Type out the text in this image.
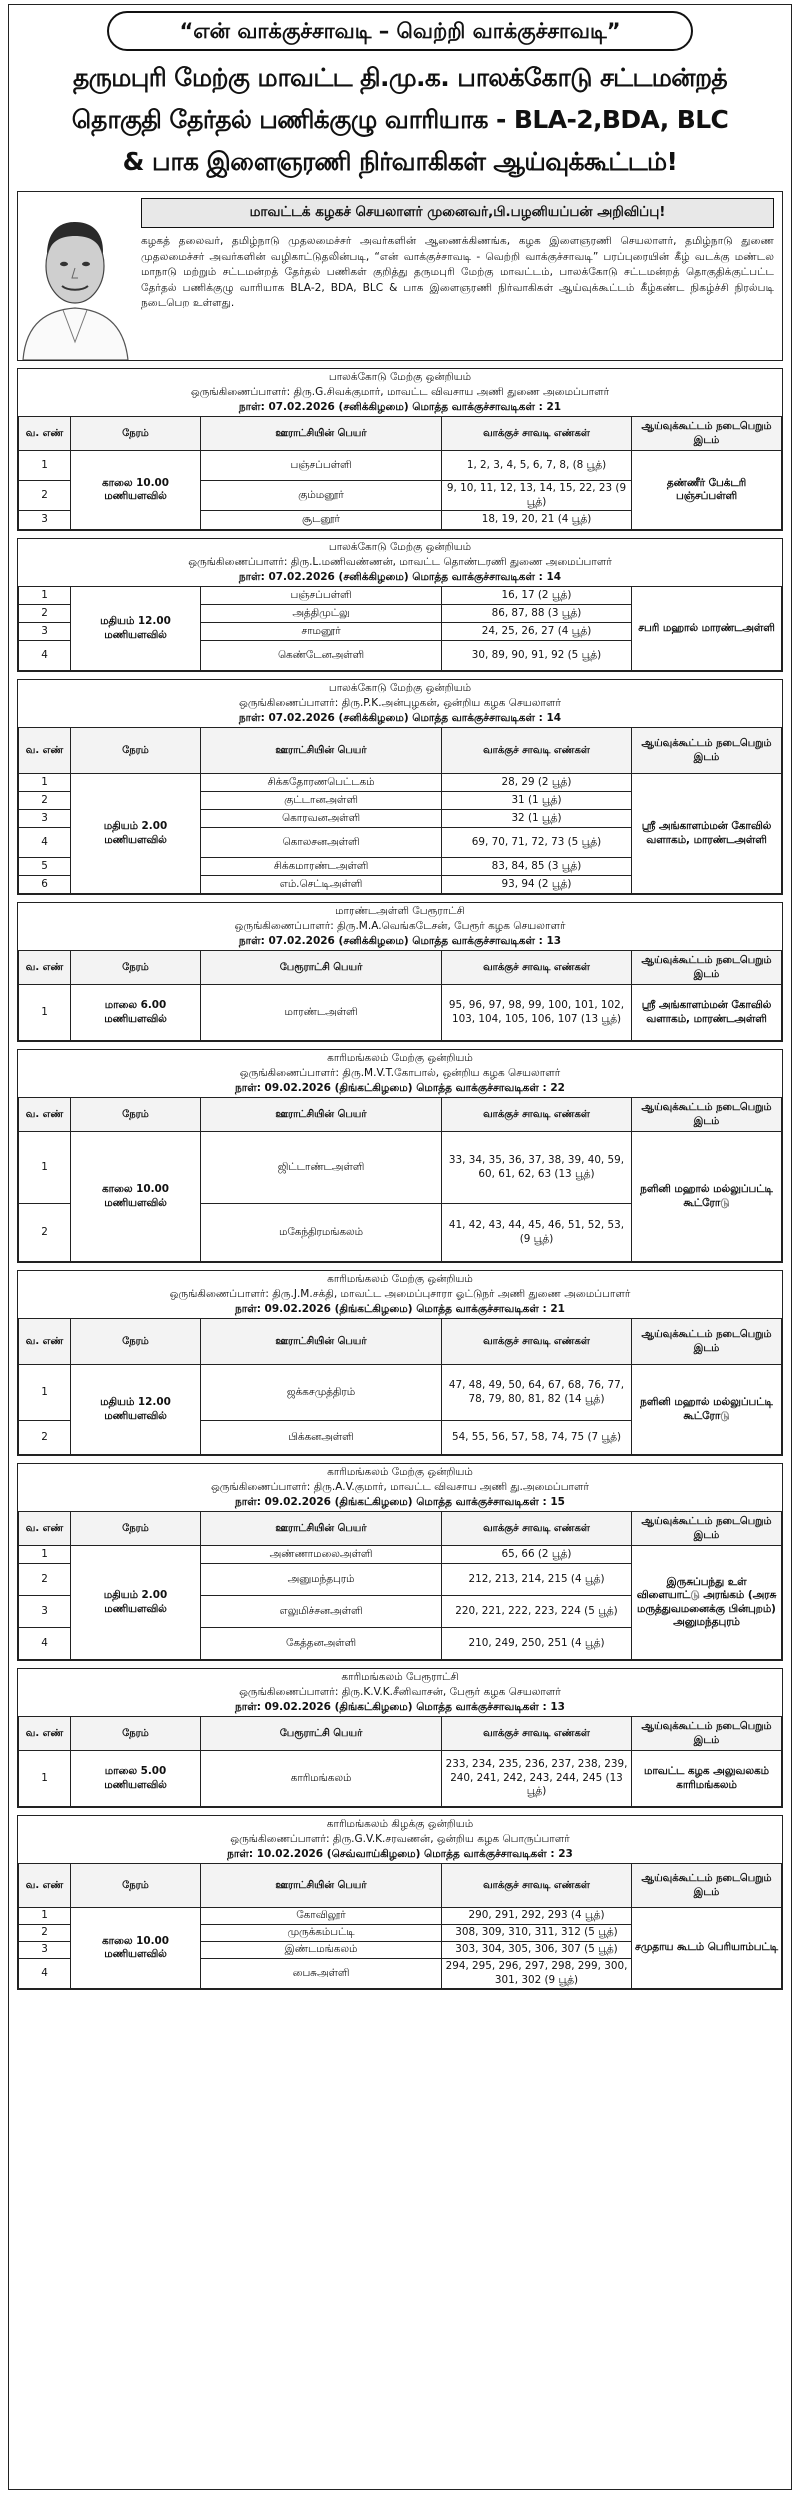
“என் வாக்குச்சாவடி – வெற்றி வாக்குச்சாவடி”
தருமபுரி மேற்கு மாவட்ட தி.மு.க. பாலக்கோடு சட்டமன்றத்
தொகுதி தேர்தல் பணிக்குழு வாரியாக - BLA-2,BDA, BLC
& பாக இளைஞரணி நிர்வாகிகள் ஆய்வுக்கூட்டம்!
மாவட்டக் கழகச் செயலாளர் முனைவர்,பி.பழனியப்பன் அறிவிப்பு!
கழகத் தலைவர், தமிழ்நாடு முதலமைச்சர் அவர்களின் ஆணைக்கிணங்க, கழக இளைஞரணி செயலாளர், தமிழ்நாடு துணை முதலமைச்சர் அவர்களின் வழிகாட்டுதலின்படி, “என் வாக்குச்சாவடி - வெற்றி வாக்குச்சாவடி” பரப்புரையின் கீழ் வடக்கு மண்டல மாநாடு மற்றும் சட்டமன்றத் தேர்தல் பணிகள் குறித்து தருமபுரி மேற்கு மாவட்டம், பாலக்கோடு சட்டமன்றத் தொகுதிக்குட்பட்ட தேர்தல் பணிக்குழு வாரியாக BLA-2, BDA, BLC & பாக இளைஞரணி நிர்வாகிகள் ஆய்வுக்கூட்டம் கீழ்கண்ட நிகழ்ச்சி நிரல்படி நடைபெற உள்ளது.
பாலக்கோடு மேற்கு ஒன்றியம்
ஒருங்கிணைப்பாளர்: திரு.G.சிவக்குமார், மாவட்ட விவசாய அணி துணை அமைப்பாளர்
நாள்: 07.02.2026 (சனிக்கிழமை) மொத்த வாக்குச்சாவடிகள் : 21
வ. எண்	நேரம்	ஊராட்சியின் பெயர்	வாக்குச் சாவடி எண்கள்	ஆய்வுக்கூட்டம் நடைபெறும் இடம்
1	காலை 10.00 மணியளவில்	பஞ்சப்பள்ளி	1, 2, 3, 4, 5, 6, 7, 8, (8 பூத்)	தண்ணீர் பேக்டரி பஞ்சப்பள்ளி
2		கும்மனூர்	9, 10, 11, 12, 13, 14, 15, 22, 23 (9 பூத்)	
3		சூடனூர்	18, 19, 20, 21 (4 பூத்)	
பாலக்கோடு மேற்கு ஒன்றியம்
ஒருங்கிணைப்பாளர்: திரு.L.மணிவண்ணன், மாவட்ட தொண்டரணி துணை அமைப்பாளர்
நாள்: 07.02.2026 (சனிக்கிழமை) மொத்த வாக்குச்சாவடிகள் : 14
1	மதியம் 12.00 மணியளவில்	பஞ்சப்பள்ளி	16, 17 (2 பூத்)	சபரி மஹால் மாரண்டஅள்ளி
2		அத்திமுட்லு	86, 87, 88 (3 பூத்)	
3		சாமனூர்	24, 25, 26, 27 (4 பூத்)	
4		கெண்டேனஅள்ளி	30, 89, 90, 91, 92 (5 பூத்)	
பாலக்கோடு மேற்கு ஒன்றியம்
ஒருங்கிணைப்பாளர்: திரு.P.K.அன்புழகன், ஒன்றிய கழக செயலாளர்
நாள்: 07.02.2026 (சனிக்கிழமை) மொத்த வாக்குச்சாவடிகள் : 14
வ. எண்	நேரம்	ஊராட்சியின் பெயர்	வாக்குச் சாவடி எண்கள்	ஆய்வுக்கூட்டம் நடைபெறும் இடம்
1	மதியம் 2.00 மணியளவில்	சிக்கதோரணபெட்டகம்	28, 29 (2 பூத்)	ஸ்ரீ அங்காளம்மன் கோவில் வளாகம், மாரண்டஅள்ளி
2		குட்டானஅள்ளி	31 (1 பூத்)	
3		கொரவனஅள்ளி	32 (1 பூத்)	
4		கொலசனஅள்ளி	69, 70, 71, 72, 73 (5 பூத்)	
5		சிக்கமாரண்டஅள்ளி	83, 84, 85 (3 பூத்)	
6		எம்.செட்டிஅள்ளி	93, 94 (2 பூத்)	
மாரண்டஅள்ளி பேரூராட்சி
ஒருங்கிணைப்பாளர்: திரு.M.A.வெங்கடேசன், பேரூர் கழக செயலாளர்
நாள்: 07.02.2026 (சனிக்கிழமை) மொத்த வாக்குச்சாவடிகள் : 13
வ. எண்	நேரம்	பேரூராட்சி பெயர்	வாக்குச் சாவடி எண்கள்	ஆய்வுக்கூட்டம் நடைபெறும் இடம்
1	மாலை 6.00 மணியளவில்	மாரண்டஅள்ளி	95, 96, 97, 98, 99, 100, 101, 102, 103, 104, 105, 106, 107 (13 பூத்)	ஸ்ரீ அங்காளம்மன் கோவில் வளாகம், மாரண்டஅள்ளி
காரிமங்கலம் மேற்கு ஒன்றியம்
ஒருங்கிணைப்பாளர்: திரு.M.V.T.கோபால், ஒன்றிய கழக செயலாளர்
நாள்: 09.02.2026 (திங்கட்கிழமை) மொத்த வாக்குச்சாவடிகள் : 22
வ. எண்	நேரம்	ஊராட்சியின் பெயர்	வாக்குச் சாவடி எண்கள்	ஆய்வுக்கூட்டம் நடைபெறும் இடம்
1	காலை 10.00 மணியளவில்	ஜிட்டாண்டஅள்ளி	33, 34, 35, 36, 37, 38, 39, 40, 59, 60, 61, 62, 63 (13 பூத்)	நளினி மஹால் மல்லுப்பட்டி கூட்ரோடு
2		மகேந்திரமங்கலம்	41, 42, 43, 44, 45, 46, 51, 52, 53, (9 பூத்)	
காரிமங்கலம் மேற்கு ஒன்றியம்
ஒருங்கிணைப்பாளர்: திரு.J.M.சக்தி, மாவட்ட அமைப்புசாரா ஓட்டுநர் அணி துணை அமைப்பாளர்
நாள்: 09.02.2026 (திங்கட்கிழமை) மொத்த வாக்குச்சாவடிகள் : 21
வ. எண்	நேரம்	ஊராட்சியின் பெயர்	வாக்குச் சாவடி எண்கள்	ஆய்வுக்கூட்டம் நடைபெறும் இடம்
1	மதியம் 12.00 மணியளவில்	ஜக்கசமுத்திரம்	47, 48, 49, 50, 64, 67, 68, 76, 77, 78, 79, 80, 81, 82 (14 பூத்)	நளினி மஹால் மல்லுப்பட்டி கூட்ரோடு
2		பிக்கனஅள்ளி	54, 55, 56, 57, 58, 74, 75 (7 பூத்)	
காரிமங்கலம் மேற்கு ஒன்றியம்
ஒருங்கிணைப்பாளர்: திரு.A.V.குமார், மாவட்ட விவசாய அணி து.அமைப்பாளர்
நாள்: 09.02.2026 (திங்கட்கிழமை) மொத்த வாக்குச்சாவடிகள் : 15
வ. எண்	நேரம்	ஊராட்சியின் பெயர்	வாக்குச் சாவடி எண்கள்	ஆய்வுக்கூட்டம் நடைபெறும் இடம்
1	மதியம் 2.00 மணியளவில்	அண்ணாமலைஅள்ளி	65, 66 (2 பூத்)	இருசுப்பந்து உள் விளையாட்டு அரங்கம் (அரசு மருத்துவமனைக்கு பின்புறம்) அனுமந்தபுரம்
2		அனுமந்தபுரம்	212, 213, 214, 215 (4 பூத்)	
3		எலுமிச்சனஅள்ளி	220, 221, 222, 223, 224 (5 பூத்)	
4		கேத்தனஅள்ளி	210, 249, 250, 251 (4 பூத்)	
காரிமங்கலம் பேரூராட்சி
ஒருங்கிணைப்பாளர்: திரு.K.V.K.சீனிவாசன், பேரூர் கழக செயலாளர்
நாள்: 09.02.2026 (திங்கட்கிழமை) மொத்த வாக்குச்சாவடிகள் : 13
வ. எண்	நேரம்	பேரூராட்சி பெயர்	வாக்குச் சாவடி எண்கள்	ஆய்வுக்கூட்டம் நடைபெறும் இடம்
1	மாலை 5.00 மணியளவில்	காரிமங்கலம்	233, 234, 235, 236, 237, 238, 239, 240, 241, 242, 243, 244, 245 (13 பூத்)	மாவட்ட கழக அலுவலகம் காரிமங்கலம்
காரிமங்கலம் கிழக்கு ஒன்றியம்
ஒருங்கிணைப்பாளர்: திரு.G.V.K.சரவணன், ஒன்றிய கழக பொருப்பாளர்
நாள்: 10.02.2026 (செவ்வாய்கிழமை) மொத்த வாக்குச்சாவடிகள் : 23
வ. எண்	நேரம்	ஊராட்சியின் பெயர்	வாக்குச் சாவடி எண்கள்	ஆய்வுக்கூட்டம் நடைபெறும் இடம்
1	காலை 10.00 மணியளவில்	கோவிலூர்	290, 291, 292, 293 (4 பூத்)	சமுதாய கூடம் பெரியாம்பட்டி
2		முருக்கம்பட்டி	308, 309, 310, 311, 312 (5 பூத்)	
3		இண்டமங்கலம்	303, 304, 305, 306, 307 (5 பூத்)	
4		பைசுஅள்ளி	294, 295, 296, 297, 298, 299, 300, 301, 302 (9 பூத்)	
